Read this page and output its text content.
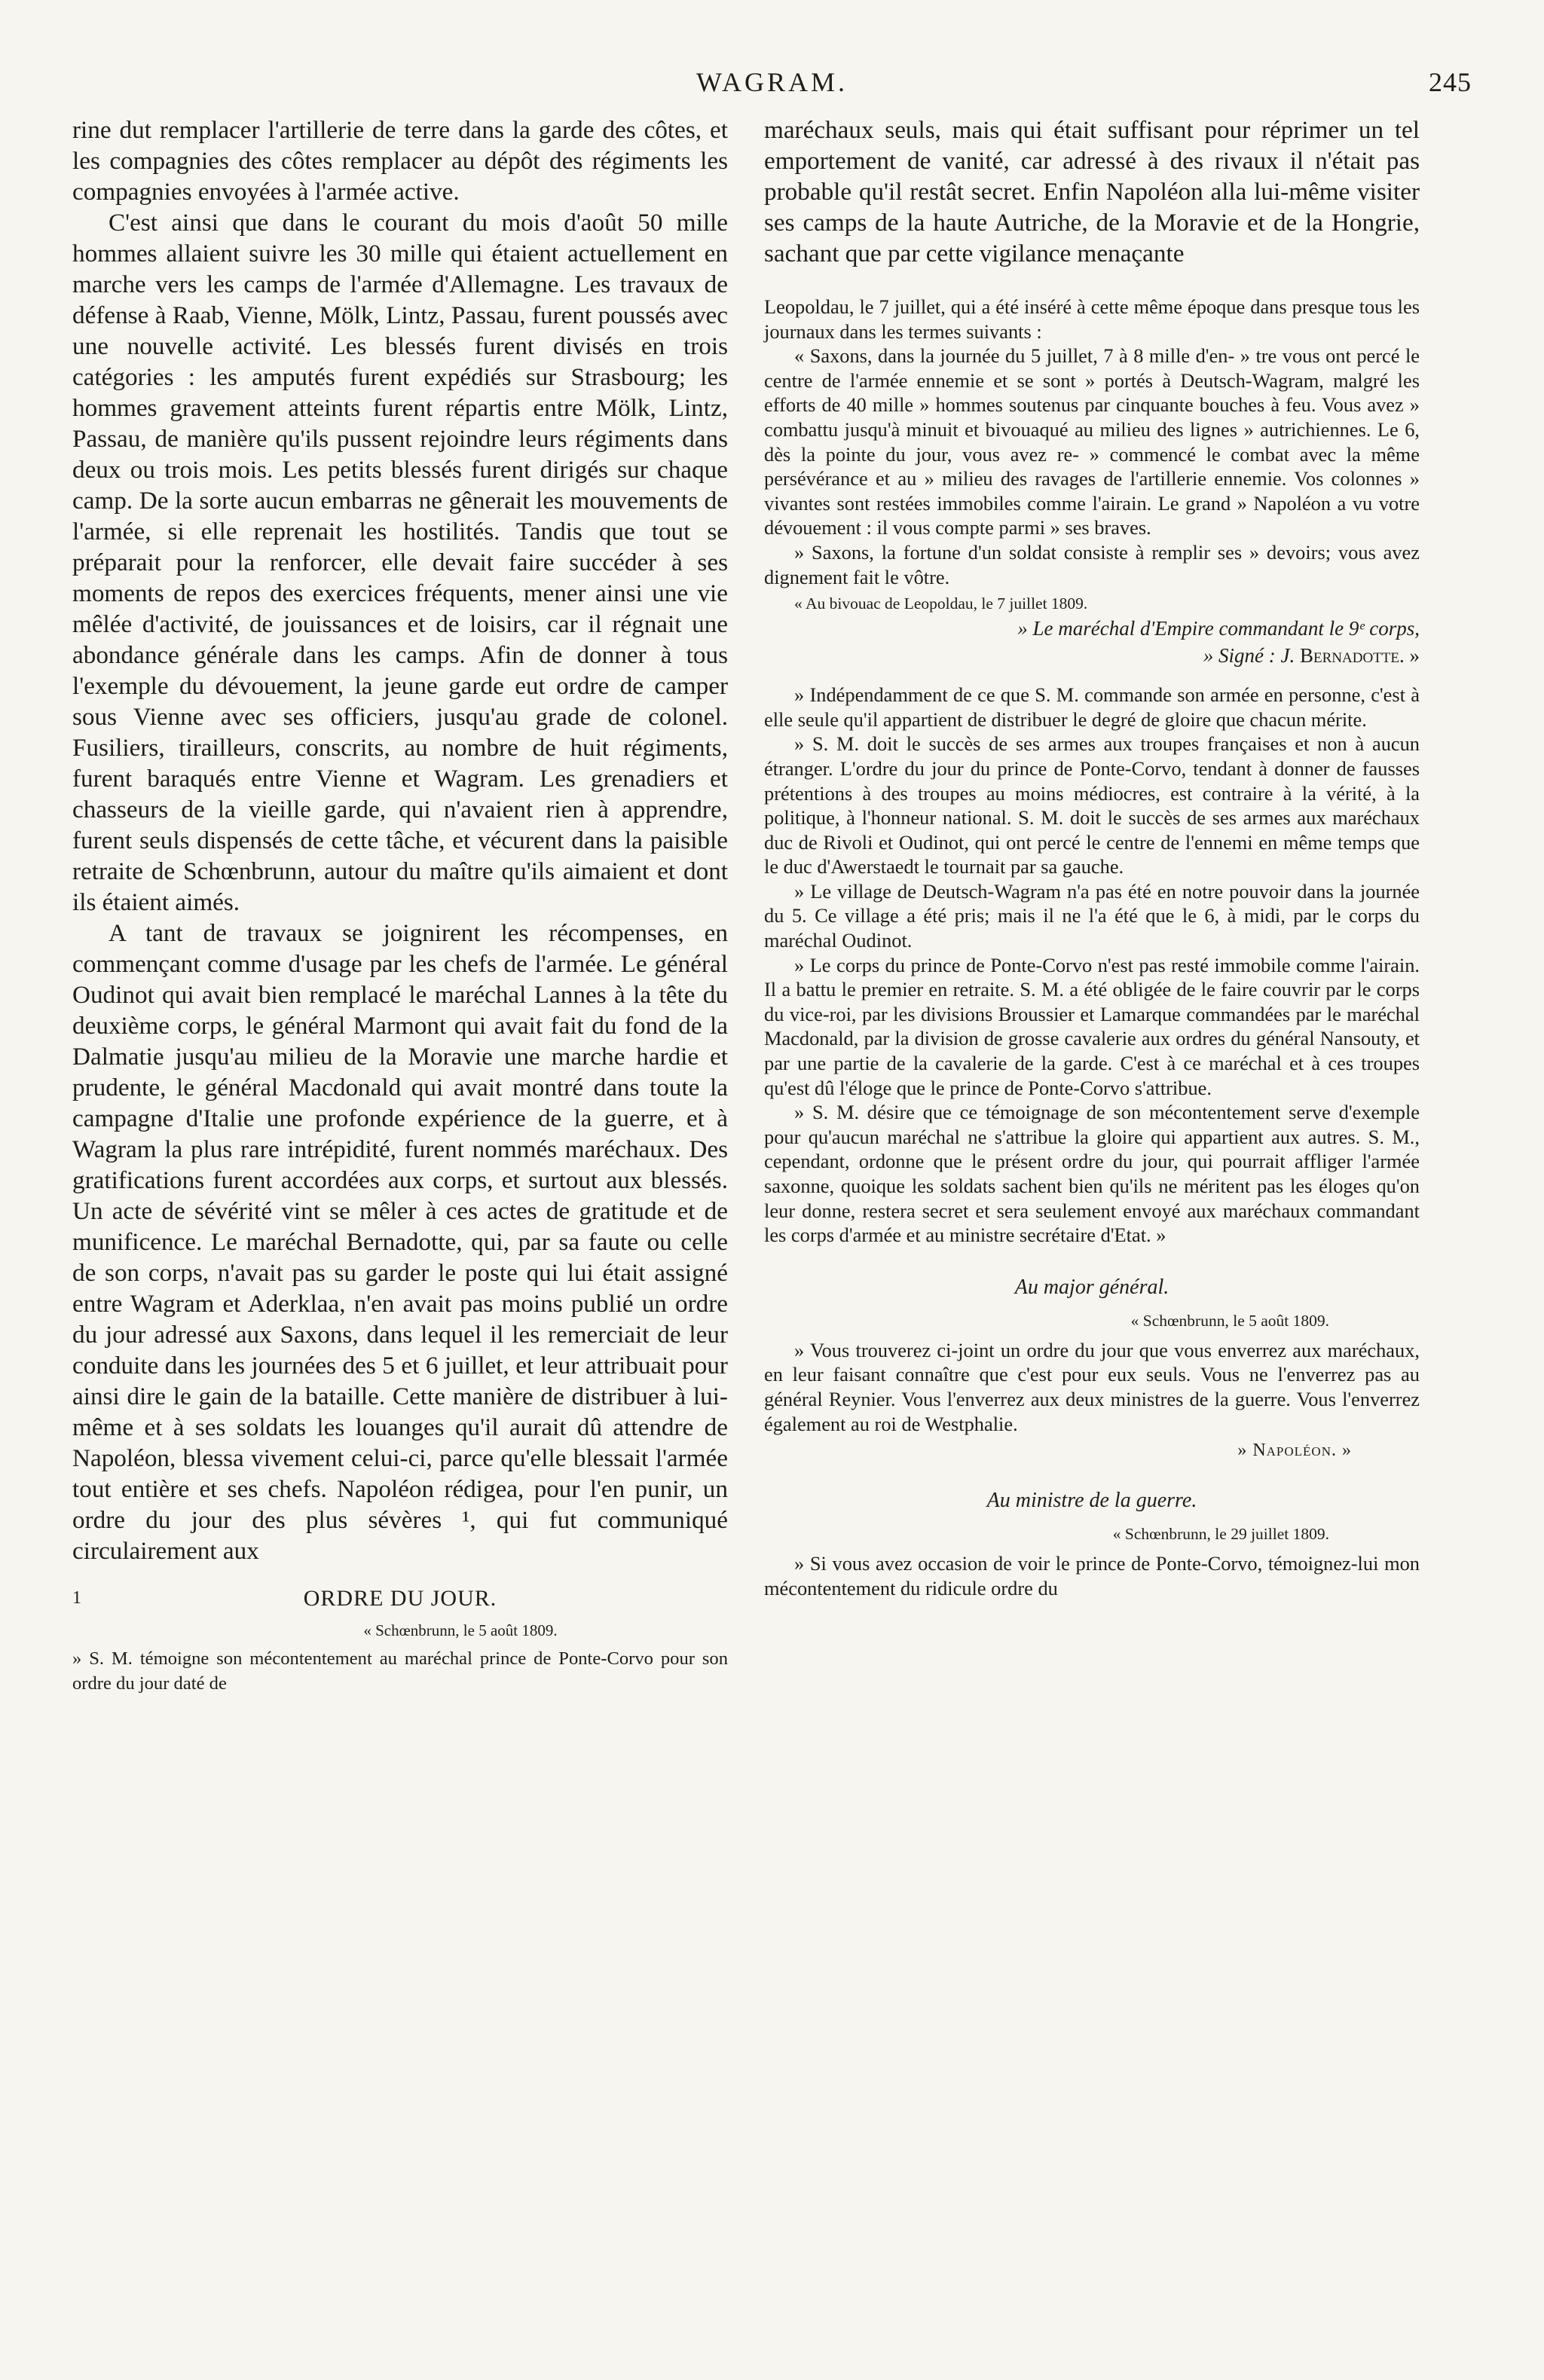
WAGRAM.	245

rine dut remplacer l'artillerie de terre dans la garde des côtes, et les compagnies des côtes remplacer au dépôt des régiments les compagnies envoyées à l'armée active.

C'est ainsi que dans le courant du mois d'août 50 mille hommes allaient suivre les 30 mille qui étaient actuellement en marche vers les camps de l'armée d'Allemagne. Les travaux de défense à Raab, Vienne, Mölk, Lintz, Passau, furent poussés avec une nouvelle activité. Les blessés furent divisés en trois catégories : les amputés furent expédiés sur Strasbourg; les hommes gravement atteints furent répartis entre Mölk, Lintz, Passau, de manière qu'ils pussent rejoindre leurs régiments dans deux ou trois mois. Les petits blessés furent dirigés sur chaque camp. De la sorte aucun embarras ne gênerait les mouvements de l'armée, si elle reprenait les hostilités. Tandis que tout se préparait pour la renforcer, elle devait faire succéder à ses moments de repos des exercices fréquents, mener ainsi une vie mêlée d'activité, de jouissances et de loisirs, car il régnait une abondance générale dans les camps. Afin de donner à tous l'exemple du dévouement, la jeune garde eut ordre de camper sous Vienne avec ses officiers, jusqu'au grade de colonel. Fusiliers, tirailleurs, conscrits, au nombre de huit régiments, furent baraqués entre Vienne et Wagram. Les grenadiers et chasseurs de la vieille garde, qui n'avaient rien à apprendre, furent seuls dispensés de cette tâche, et vécurent dans la paisible retraite de Schœnbrunn, autour du maître qu'ils aimaient et dont ils étaient aimés.

A tant de travaux se joignirent les récompenses, en commençant comme d'usage par les chefs de l'armée. Le général Oudinot qui avait bien remplacé le maréchal Lannes à la tête du deuxième corps, le général Marmont qui avait fait du fond de la Dalmatie jusqu'au milieu de la Moravie une marche hardie et prudente, le général Macdonald qui avait montré dans toute la campagne d'Italie une profonde expérience de la guerre, et à Wagram la plus rare intrépidité, furent nommés maréchaux. Des gratifications furent accordées aux corps, et surtout aux blessés. Un acte de sévérité vint se mêler à ces actes de gratitude et de munificence. Le maréchal Bernadotte, qui, par sa faute ou celle de son corps, n'avait pas su garder le poste qui lui était assigné entre Wagram et Aderklaa, n'en avait pas moins publié un ordre du jour adressé aux Saxons, dans lequel il les remerciait de leur conduite dans les journées des 5 et 6 juillet, et leur attribuait pour ainsi dire le gain de la bataille. Cette manière de distribuer à lui-même et à ses soldats les louanges qu'il aurait dû attendre de Napoléon, blessa vivement celui-ci, parce qu'elle blessait l'armée tout entière et ses chefs. Napoléon rédigea, pour l'en punir, un ordre du jour des plus sévères ¹, qui fut communiqué circulairement aux

1	ORDRE DU JOUR.
« Schœnbrunn, le 5 août 1809.
» S. M. témoigne son mécontentement au maréchal prince de Ponte-Corvo pour son ordre du jour daté de

maréchaux seuls, mais qui était suffisant pour réprimer un tel emportement de vanité, car adressé à des rivaux il n'était pas probable qu'il restât secret. Enfin Napoléon alla lui-même visiter ses camps de la haute Autriche, de la Moravie et de la Hongrie, sachant que par cette vigilance menaçante

Leopoldau, le 7 juillet, qui a été inséré à cette même époque dans presque tous les journaux dans les termes suivants :

« Saxons, dans la journée du 5 juillet, 7 à 8 mille d'en- » tre vous ont percé le centre de l'armée ennemie et se sont » portés à Deutsch-Wagram, malgré les efforts de 40 mille » hommes soutenus par cinquante bouches à feu. Vous avez » combattu jusqu'à minuit et bivouaqué au milieu des lignes » autrichiennes. Le 6, dès la pointe du jour, vous avez re- » commencé le combat avec la même persévérance et au » milieu des ravages de l'artillerie ennemie. Vos colonnes » vivantes sont restées immobiles comme l'airain. Le grand » Napoléon a vu votre dévouement : il vous compte parmi » ses braves.

» Saxons, la fortune d'un soldat consiste à remplir ses » devoirs; vous avez dignement fait le vôtre.

« Au bivouac de Leopoldau, le 7 juillet 1809.
» Le maréchal d'Empire commandant le 9ᵉ corps,
» Signé : J. Bernadotte. »

» Indépendamment de ce que S. M. commande son armée en personne, c'est à elle seule qu'il appartient de distribuer le degré de gloire que chacun mérite.

» S. M. doit le succès de ses armes aux troupes françaises et non à aucun étranger. L'ordre du jour du prince de Ponte-Corvo, tendant à donner de fausses prétentions à des troupes au moins médiocres, est contraire à la vérité, à la politique, à l'honneur national. S. M. doit le succès de ses armes aux maréchaux duc de Rivoli et Oudinot, qui ont percé le centre de l'ennemi en même temps que le duc d'Awerstaedt le tournait par sa gauche.

» Le village de Deutsch-Wagram n'a pas été en notre pouvoir dans la journée du 5. Ce village a été pris; mais il ne l'a été que le 6, à midi, par le corps du maréchal Oudinot.

» Le corps du prince de Ponte-Corvo n'est pas resté immobile comme l'airain. Il a battu le premier en retraite. S. M. a été obligée de le faire couvrir par le corps du vice-roi, par les divisions Broussier et Lamarque commandées par le maréchal Macdonald, par la division de grosse cavalerie aux ordres du général Nansouty, et par une partie de la cavalerie de la garde. C'est à ce maréchal et à ces troupes qu'est dû l'éloge que le prince de Ponte-Corvo s'attribue.

» S. M. désire que ce témoignage de son mécontentement serve d'exemple pour qu'aucun maréchal ne s'attribue la gloire qui appartient aux autres. S. M., cependant, ordonne que le présent ordre du jour, qui pourrait affliger l'armée saxonne, quoique les soldats sachent bien qu'ils ne méritent pas les éloges qu'on leur donne, restera secret et sera seulement envoyé aux maréchaux commandant les corps d'armée et au ministre secrétaire d'Etat. »

Au major général.
« Schœnbrunn, le 5 août 1809.

» Vous trouverez ci-joint un ordre du jour que vous enverrez aux maréchaux, en leur faisant connaître que c'est pour eux seuls. Vous ne l'enverrez pas au général Reynier. Vous l'enverrez aux deux ministres de la guerre. Vous l'enverrez également au roi de Westphalie.

» Napoléon. »
Au ministre de la guerre.
« Schœnbrunn, le 29 juillet 1809.

» Si vous avez occasion de voir le prince de Ponte-Corvo, témoignez-lui mon mécontentement du ridicule ordre du
